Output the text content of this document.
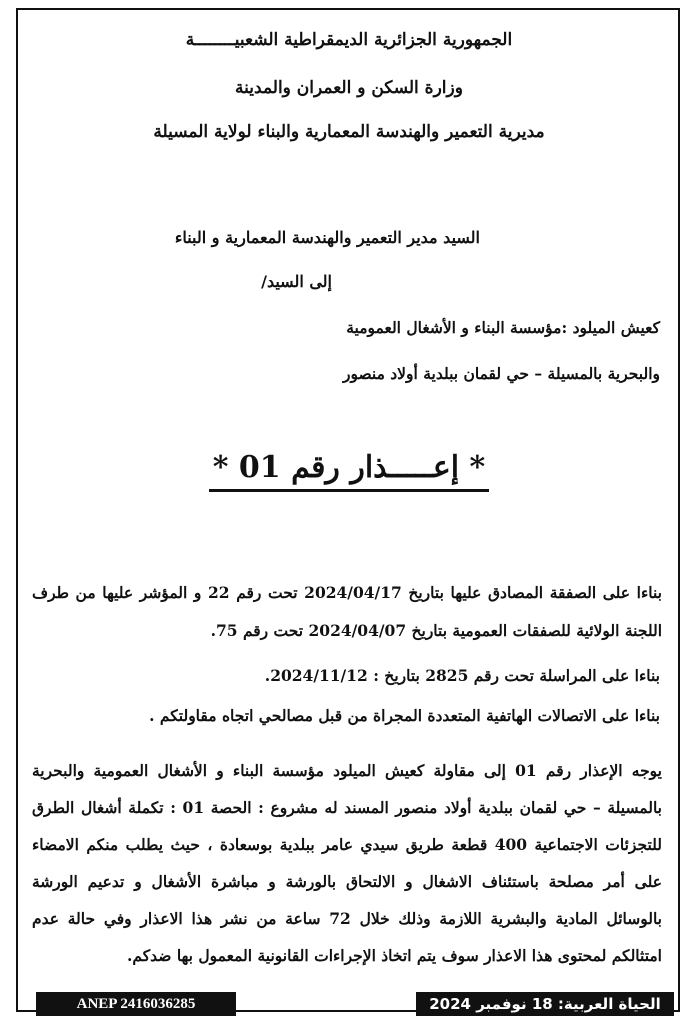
الجمهورية الجزائرية الديمقراطية الشعبيــــــــة
وزارة السكن و العمران والمدينة
مديرية التعمير والهندسة المعمارية والبناء لولاية المسيلة
السيد مدير التعمير والهندسة المعمارية و البناء
إلى السيد/
كعيش الميلود :مؤسسة البناء و الأشغال العمومية
والبحرية بالمسيلة – حي لقمان ببلدية أولاد منصور
* إعـــــذار رقم 01 *
بناءا على الصفقة المصادق عليها بتاريخ 2024/04/17 تحت رقم 22 و المؤشر عليها من طرف اللجنة الولائية للصفقات العمومية بتاريخ 2024/04/07 تحت رقم 75.
بناءا على المراسلة تحت رقم 2825 بتاريخ : 2024/11/12.
بناءا على الاتصالات الهاتفية المتعددة المجراة من قبل مصالحي اتجاه مقاولتكم .
يوجه الإعذار رقم 01 إلى مقاولة كعيش الميلود مؤسسة البناء و الأشغال العمومية والبحرية بالمسيلة – حي لقمان ببلدية أولاد منصور المسند له مشروع : الحصة 01 : تكملة أشغال الطرق للتجزئات الاجتماعية 400 قطعة طريق سيدي عامر ببلدية بوسعادة ، حيث يطلب منكم الامضاء على أمر مصلحة باستئناف الاشغال و الالتحاق بالورشة و مباشرة الأشغال و تدعيم الورشة بالوسائل المادية والبشرية اللازمة وذلك خلال 72 ساعة من نشر هذا الاعذار وفي حالة عدم امتثالكم لمحتوى هذا الاعذار سوف يتم اتخاذ الإجراءات القانونية المعمول بها ضدكم.
الحياة العربية: 18 نوفمبر 2024
ANEP 2416036285
